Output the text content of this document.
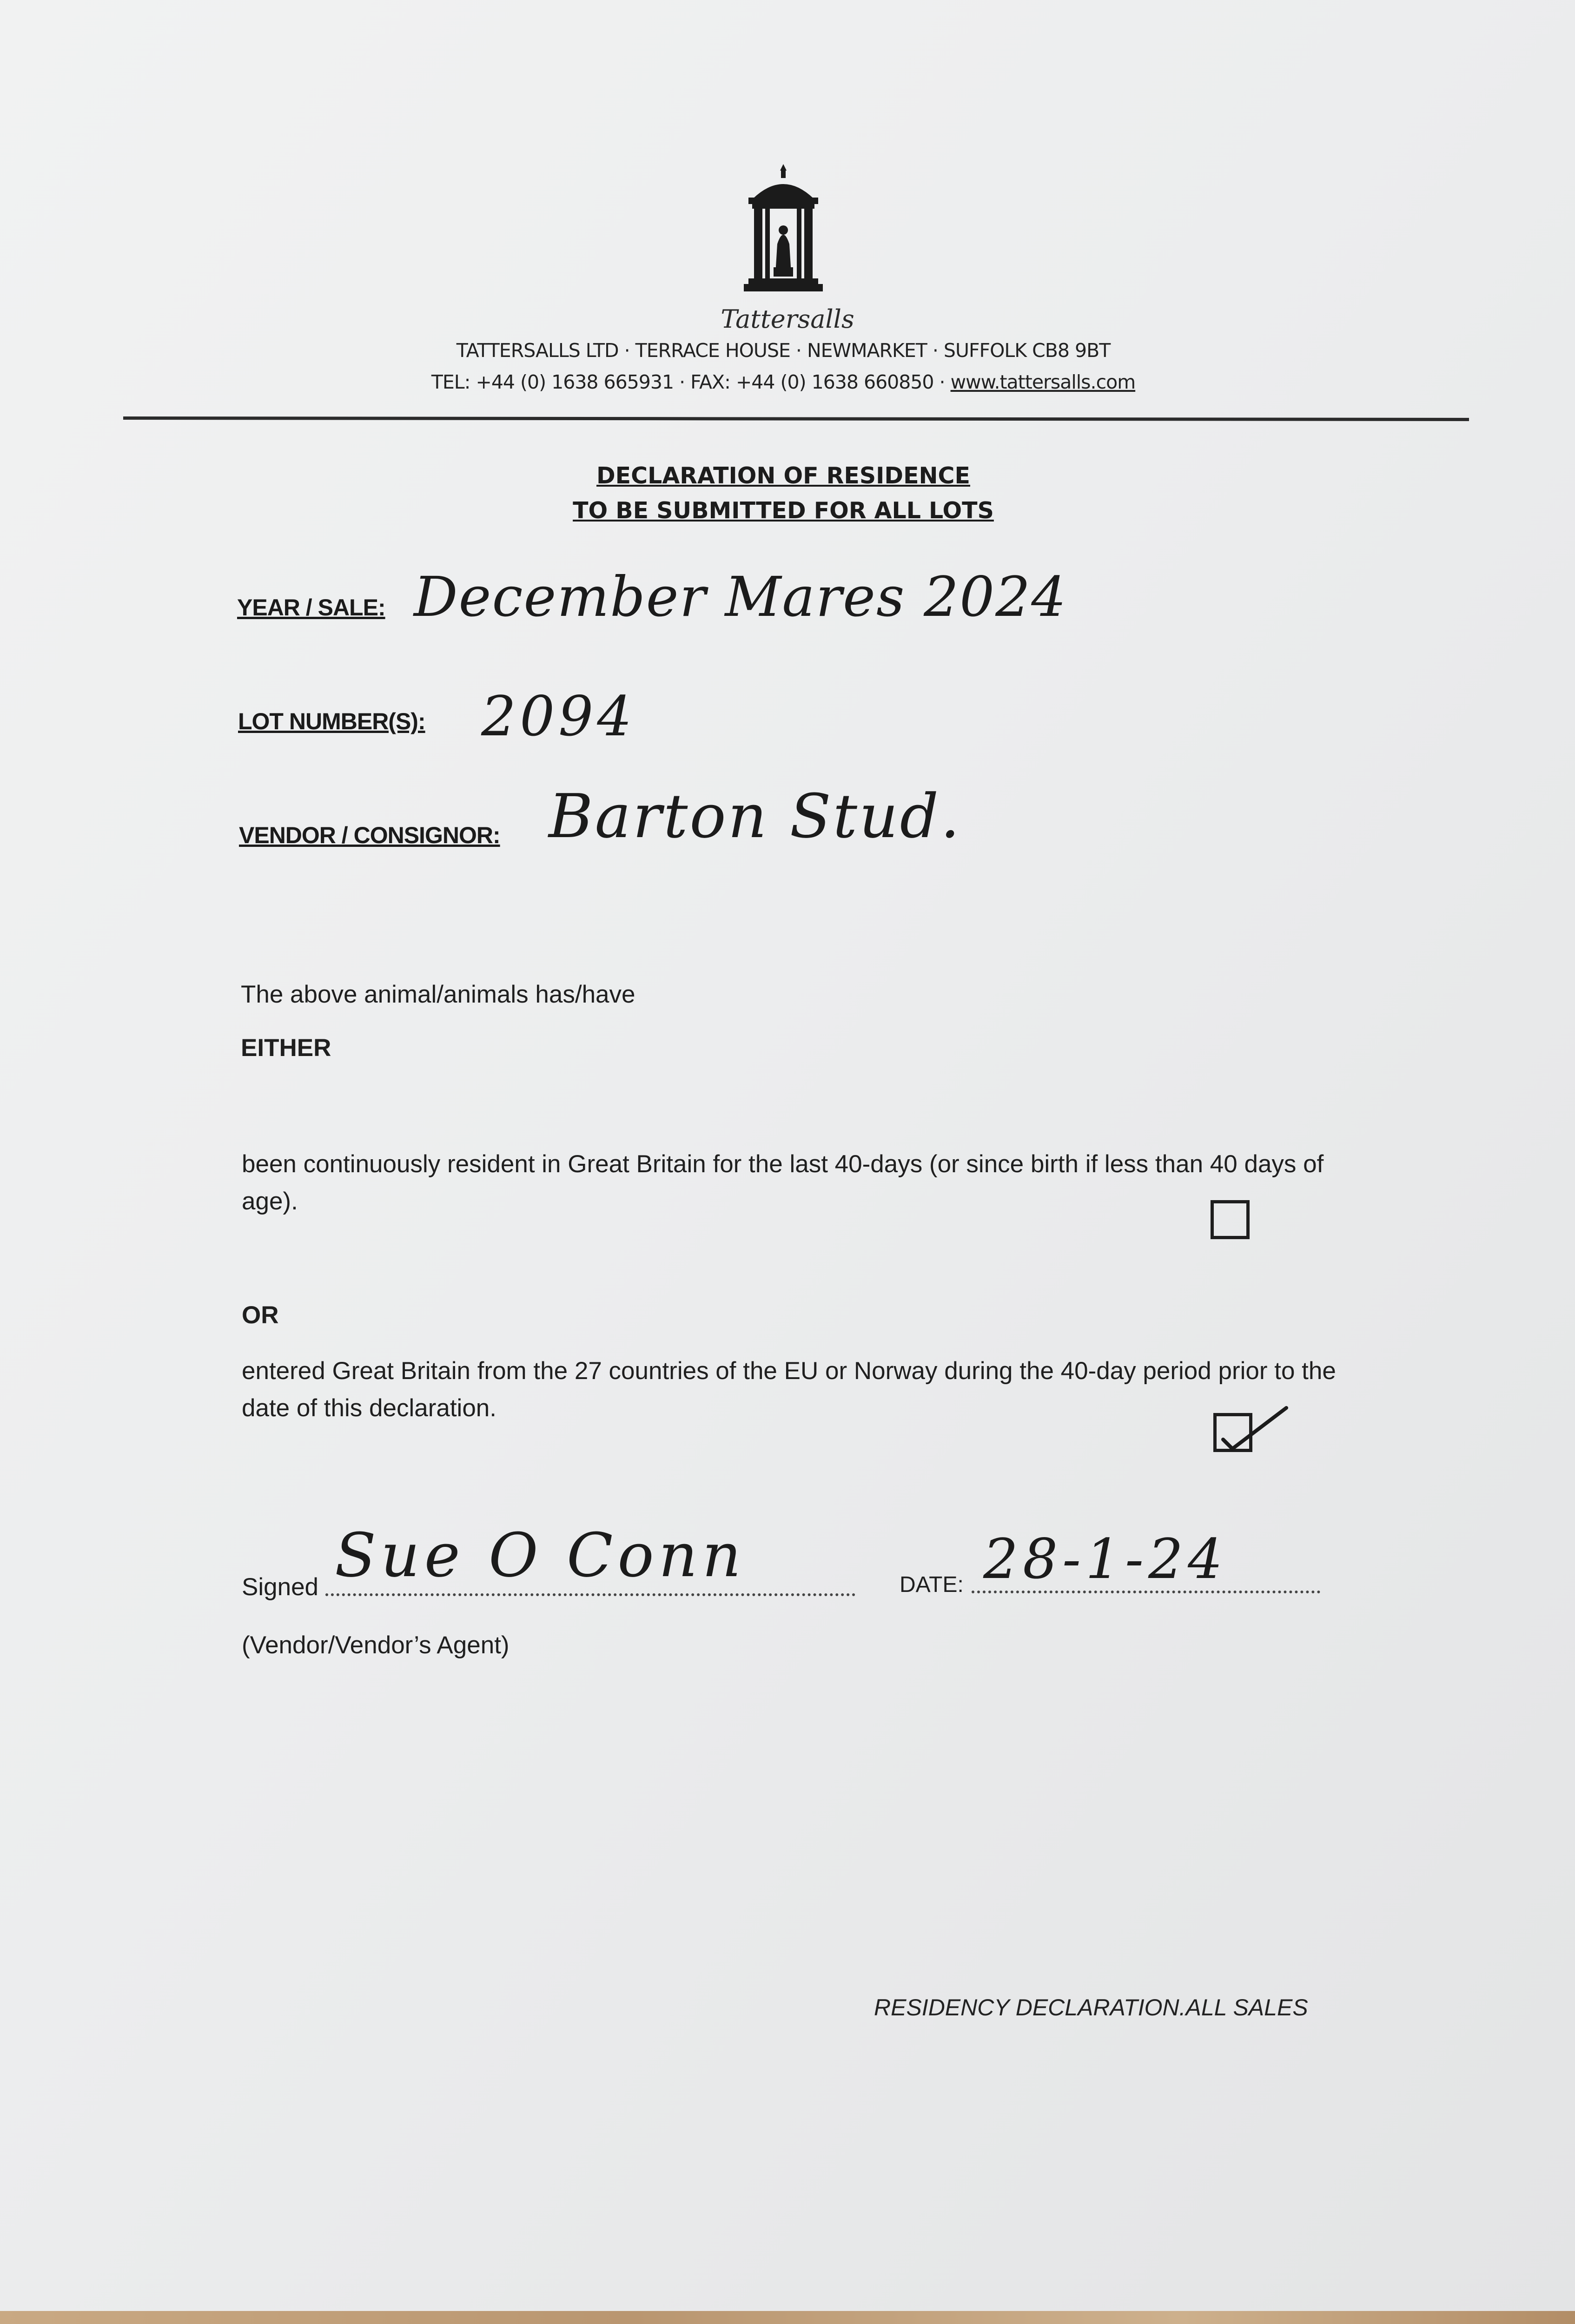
Tattersalls
TATTERSALLS LTD · TERRACE HOUSE · NEWMARKET · SUFFOLK CB8 9BT
TEL: +44 (0) 1638 665931 · FAX: +44 (0) 1638 660850 · www.tattersalls.com
DECLARATION OF RESIDENCE
TO BE SUBMITTED FOR ALL LOTS
YEAR / SALE: December Mares 2024
LOT NUMBER(S): 2094
VENDOR / CONSIGNOR: Barton Stud.
The above animal/animals has/have
EITHER
been continuously resident in Great Britain for the last 40-days (or since birth if less than 40 days of age).
OR
entered Great Britain from the 27 countries of the EU or Norway during the 40-day period prior to the date of this declaration.
Signed Sue O Conn	DATE: 28-1-24
(Vendor/Vendor’s Agent)
RESIDENCY DECLARATION.ALL SALES
